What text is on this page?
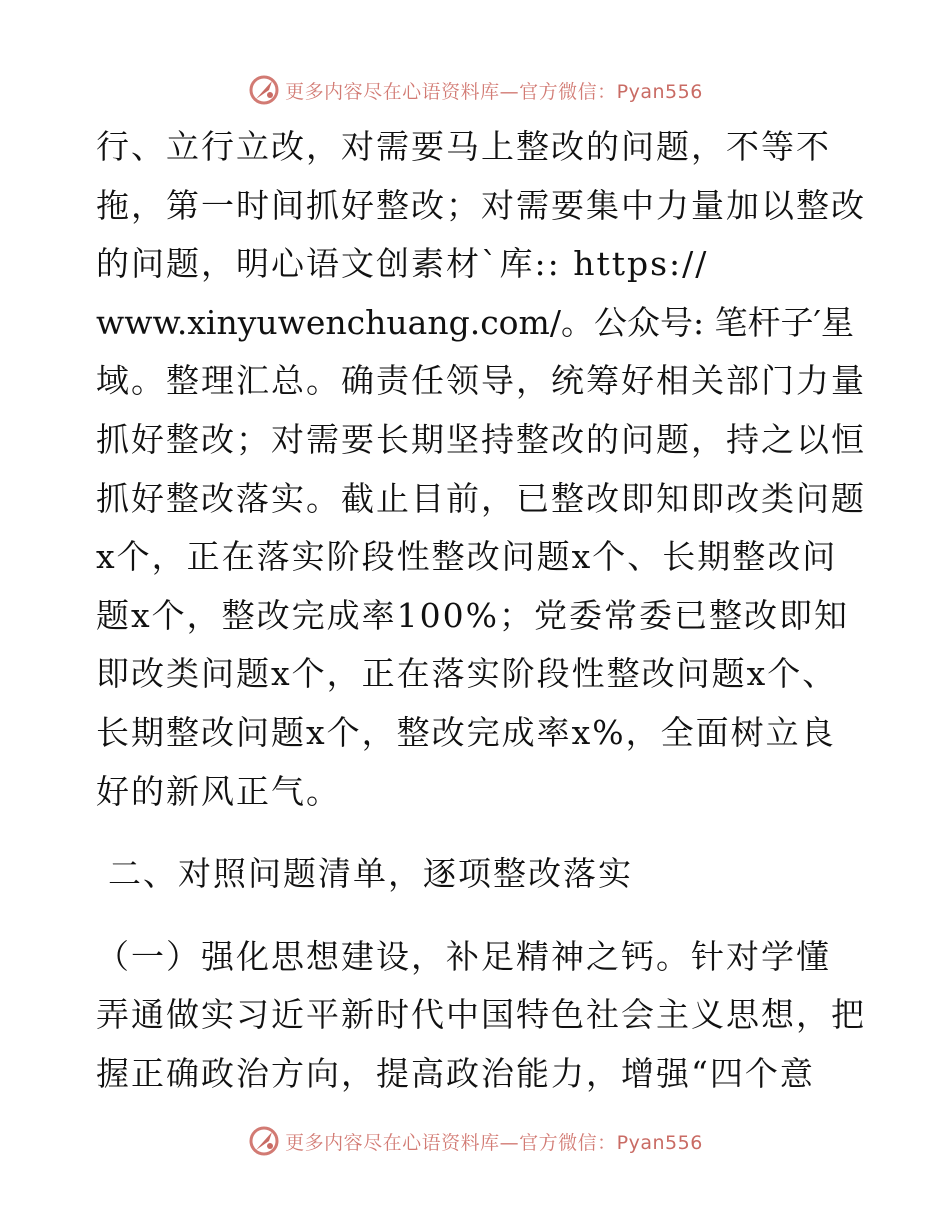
更多内容尽在心语资料库—官方微信：Pyan556
行、立行立改，对需要马上整改的问题，不等不
拖，第一时间抓好整改；对需要集中力量加以整改
的问题，明心语文创素材`库:: https://
www.xinyuwenchuang.com/。公众号: 笔杆子′星
域。整理汇总。确责任领导，统筹好相关部门力量
抓好整改；对需要长期坚持整改的问题，持之以恒
抓好整改落实。截止目前，已整改即知即改类问题
x个，正在落实阶段性整改问题x个、长期整改问
题x个，整改完成率100%；党委常委已整改即知
即改类问题x个，正在落实阶段性整改问题x个、
长期整改问题x个，整改完成率x%，全面树立良
好的新风正气。
二、对照问题清单，逐项整改落实
（一）强化思想建设，补足精神之钙。针对学懂
弄通做实习近平新时代中国特色社会主义思想，把
握正确政治方向，提高政治能力，增强“四个意
更多内容尽在心语资料库—官方微信：Pyan556
